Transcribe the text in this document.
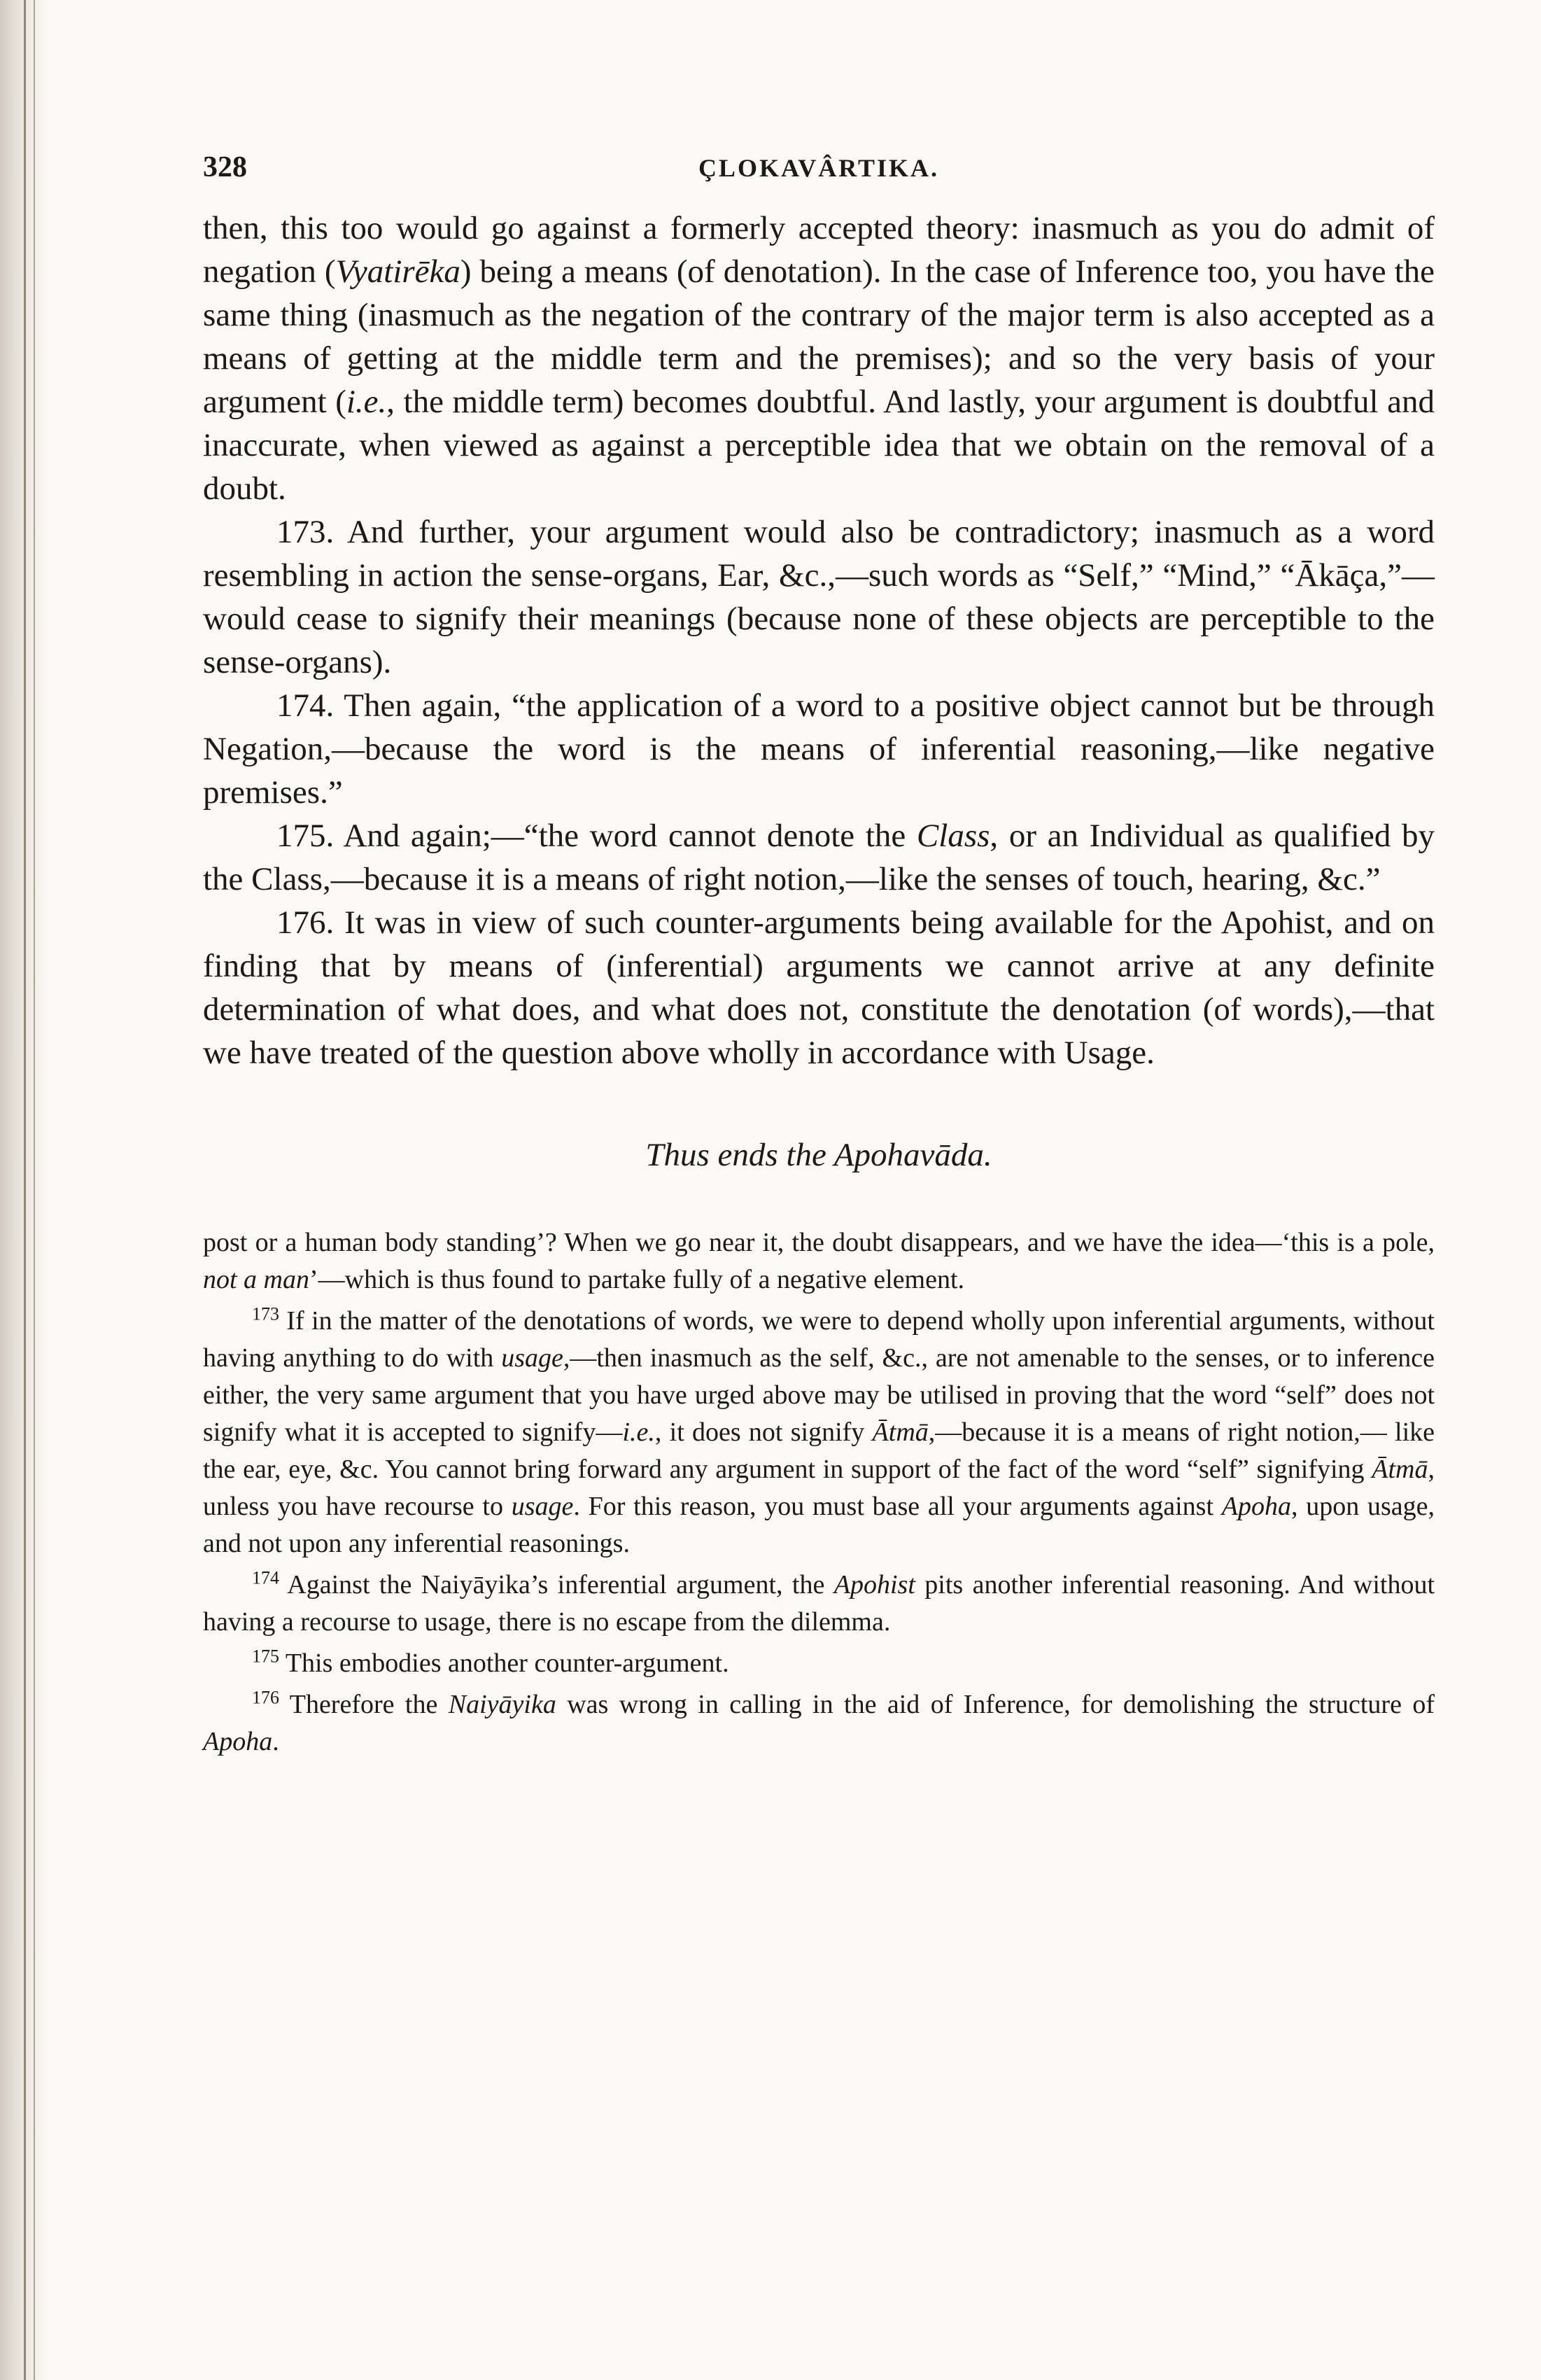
328	ÇLOKAVÂRTIKA.

then, this too would go against a formerly accepted theory: inasmuch as you do admit of negation (Vyatirēka) being a means (of denotation). In the case of Inference too, you have the same thing (inasmuch as the negation of the contrary of the major term is also accepted as a means of getting at the middle term and the premises); and so the very basis of your argument (i.e., the middle term) becomes doubtful. And lastly, your argument is doubtful and inaccurate, when viewed as against a perceptible idea that we obtain on the removal of a doubt.

173. And further, your argument would also be contradictory; inasmuch as a word resembling in action the sense-organs, Ear, &c.,—such words as “Self,” “Mind,” “Ākāça,”—would cease to signify their meanings (because none of these objects are perceptible to the sense-organs).

174. Then again, “the application of a word to a positive object cannot but be through Negation,—because the word is the means of inferential reasoning,—like negative premises.”

175. And again;—“the word cannot denote the Class, or an Individual as qualified by the Class,—because it is a means of right notion,—like the senses of touch, hearing, &c.”

176. It was in view of such counter-arguments being available for the Apohist, and on finding that by means of (inferential) arguments we cannot arrive at any definite determination of what does, and what does not, constitute the denotation (of words),—that we have treated of the question above wholly in accordance with Usage.

Thus ends the Apohavāda.

post or a human body standing’? When we go near it, the doubt disappears, and we have the idea—‘this is a pole, not a man’—which is thus found to partake fully of a negative element.

$^{173}$ If in the matter of the denotations of words, we were to depend wholly upon inferential arguments, without having anything to do with usage,—then inasmuch as the self, &c., are not amenable to the senses, or to inference either, the very same argument that you have urged above may be utilised in proving that the word “self” does not signify what it is accepted to signify—i.e., it does not signify Ātmā,—because it is a means of right notion,— like the ear, eye, &c. You cannot bring forward any argument in support of the fact of the word “self” signifying Ātmā, unless you have recourse to usage. For this reason, you must base all your arguments against Apoha, upon usage, and not upon any inferential reasonings.

$^{174}$ Against the Naiyāyika’s inferential argument, the Apohist pits another inferential reasoning. And without having a recourse to usage, there is no escape from the dilemma.

$^{175}$ This embodies another counter-argument.

$^{176}$ Therefore the Naiyāyika was wrong in calling in the aid of Inference, for demolishing the structure of Apoha.
